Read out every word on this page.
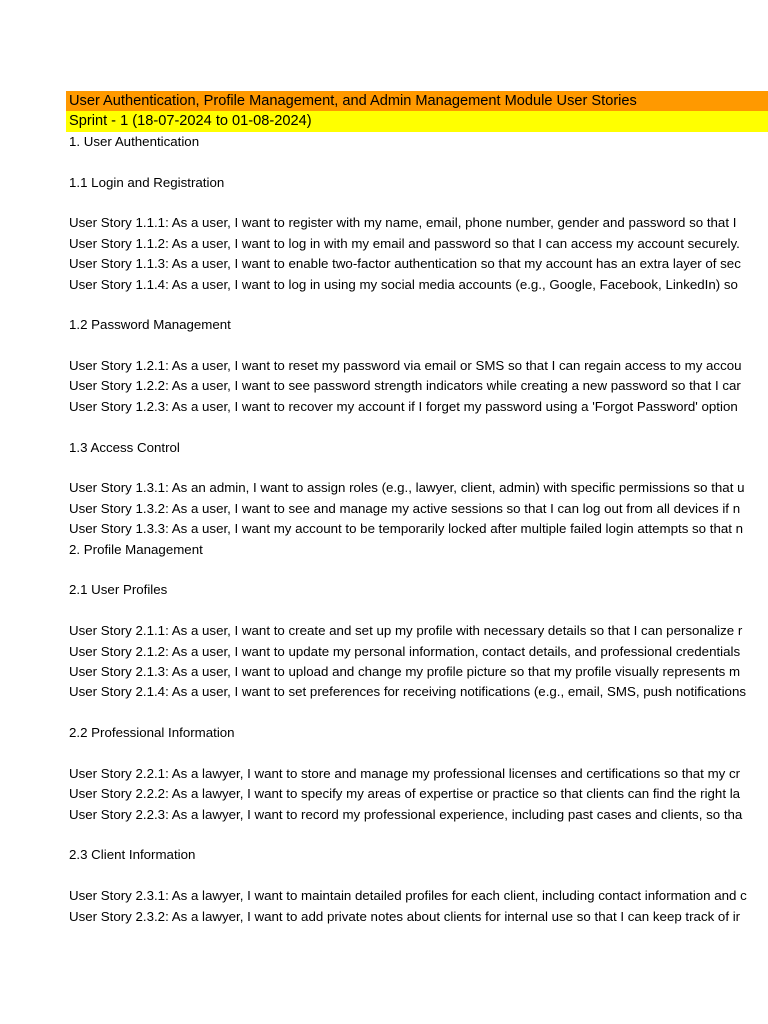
User Authentication, Profile Management, and Admin Management Module User Stories
Sprint - 1 (18-07-2024 to 01-08-2024)
1. User Authentication
1.1 Login and Registration
User Story 1.1.1: As a user, I want to register with my name, email, phone number, gender and password so that I
User Story 1.1.2: As a user, I want to log in with my email and password so that I can access my account securely.
User Story 1.1.3: As a user, I want to enable two-factor authentication so that my account has an extra layer of sec
User Story 1.1.4: As a user, I want to log in using my social media accounts (e.g., Google, Facebook, LinkedIn) so
1.2 Password Management
User Story 1.2.1: As a user, I want to reset my password via email or SMS so that I can regain access to my accou
User Story 1.2.2: As a user, I want to see password strength indicators while creating a new password so that I car
User Story 1.2.3: As a user, I want to recover my account if I forget my password using a 'Forgot Password' option
1.3 Access Control
User Story 1.3.1: As an admin, I want to assign roles (e.g., lawyer, client, admin) with specific permissions so that u
User Story 1.3.2: As a user, I want to see and manage my active sessions so that I can log out from all devices if n
User Story 1.3.3: As a user, I want my account to be temporarily locked after multiple failed login attempts so that n
2. Profile Management
2.1 User Profiles
User Story 2.1.1: As a user, I want to create and set up my profile with necessary details so that I can personalize r
User Story 2.1.2: As a user, I want to update my personal information, contact details, and professional credentials
User Story 2.1.3: As a user, I want to upload and change my profile picture so that my profile visually represents m
User Story 2.1.4: As a user, I want to set preferences for receiving notifications (e.g., email, SMS, push notifications
2.2 Professional Information
User Story 2.2.1: As a lawyer, I want to store and manage my professional licenses and certifications so that my cr
User Story 2.2.2: As a lawyer, I want to specify my areas of expertise or practice so that clients can find the right la
User Story 2.2.3: As a lawyer, I want to record my professional experience, including past cases and clients, so tha
2.3 Client Information
User Story 2.3.1: As a lawyer, I want to maintain detailed profiles for each client, including contact information and c
User Story 2.3.2: As a lawyer, I want to add private notes about clients for internal use so that I can keep track of ir
